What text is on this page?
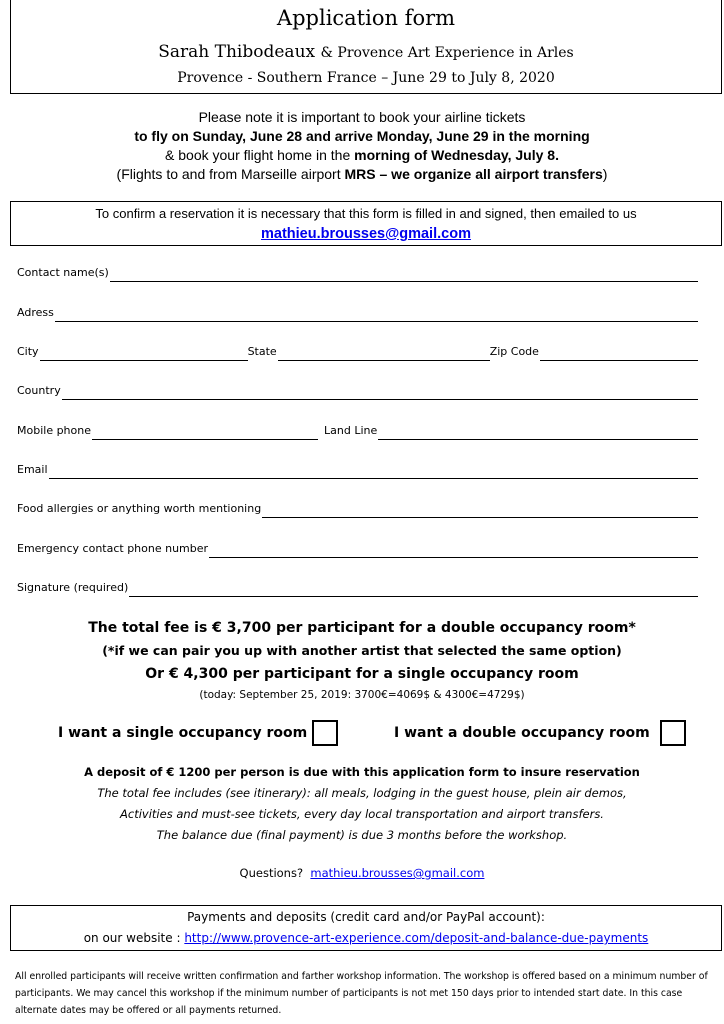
Application form
Sarah Thibodeaux & Provence Art Experience in Arles
Provence - Southern France – June 29 to July 8, 2020
Please note it is important to book your airline tickets
to fly on Sunday, June 28 and arrive Monday, June 29 in the morning
& book your flight home in the morning of Wednesday, July 8.
(Flights to and from Marseille airport MRS – we organize all airport transfers)
To confirm a reservation it is necessary that this form is filled in and signed, then emailed to us
mathieu.brousses@gmail.com
Contact name(s)
Adress
City	State	Zip Code
Country
Mobile phone	Land Line
Email
Food allergies or anything worth mentioning
Emergency contact phone number
Signature (required)
The total fee is € 3,700 per participant for a double occupancy room*
(*if we can pair you up with another artist that selected the same option)
Or € 4,300 per participant for a single occupancy room
(today: September 25, 2019: 3700€=4069$ & 4300€=4729$)
I want a single occupancy room	I want a double occupancy room
A deposit of € 1200 per person is due with this application form to insure reservation
The total fee includes (see itinerary): all meals, lodging in the guest house, plein air demos,
Activities and must-see tickets, every day local transportation and airport transfers.
The balance due (final payment) is due 3 months before the workshop.
Questions? mathieu.brousses@gmail.com
Payments and deposits (credit card and/or PayPal account):
on our website : http://www.provence-art-experience.com/deposit-and-balance-due-payments
All enrolled participants will receive written confirmation and farther workshop information. The workshop is offered based on a minimum number of participants. We may cancel this workshop if the minimum number of participants is not met 150 days prior to intended start date. In this case alternate dates may be offered or all payments returned.
